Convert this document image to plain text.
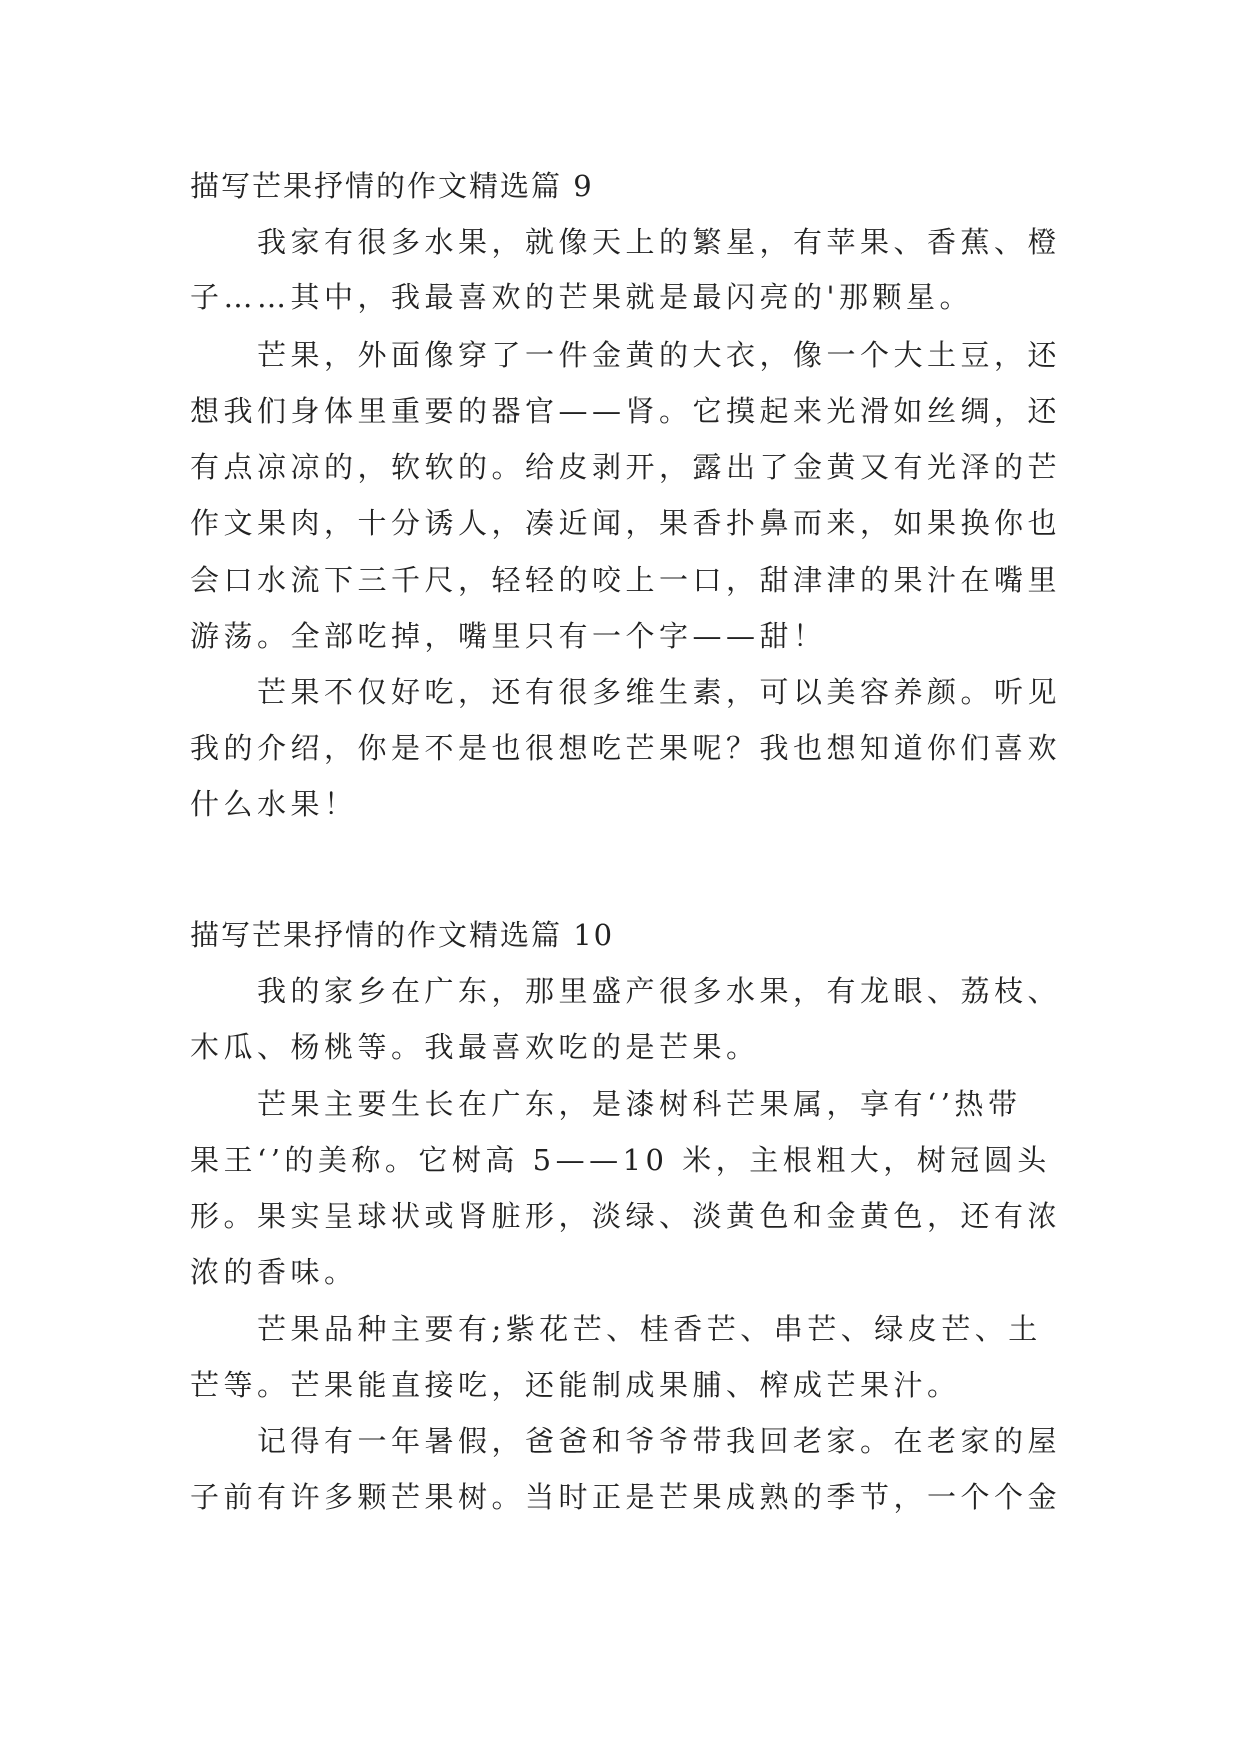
描写芒果抒情的作文精选篇 9
我家有很多水果，就像天上的繁星，有苹果、香蕉、橙
子……其中，我最喜欢的芒果就是最闪亮的'那颗星。
芒果，外面像穿了一件金黄的大衣，像一个大土豆，还
想我们身体里重要的器官——肾。它摸起来光滑如丝绸，还
有点凉凉的，软软的。给皮剥开，露出了金黄又有光泽的芒
作文果肉，十分诱人，凑近闻，果香扑鼻而来，如果换你也
会口水流下三千尺，轻轻的咬上一口，甜津津的果汁在嘴里
游荡。全部吃掉，嘴里只有一个字——甜！
芒果不仅好吃，还有很多维生素，可以美容养颜。听见
我的介绍，你是不是也很想吃芒果呢？我也想知道你们喜欢
什么水果！
描写芒果抒情的作文精选篇 10
我的家乡在广东，那里盛产很多水果，有龙眼、荔枝、
木瓜、杨桃等。我最喜欢吃的是芒果。
芒果主要生长在广东，是漆树科芒果属，享有‘’热带
果王‘’的美称。它树高 5——10 米，主根粗大，树冠圆头
形。果实呈球状或肾脏形，淡绿、淡黄色和金黄色，还有浓
浓的香味。
芒果品种主要有;紫花芒、桂香芒、串芒、绿皮芒、土
芒等。芒果能直接吃，还能制成果脯、榨成芒果汁。
记得有一年暑假，爸爸和爷爷带我回老家。在老家的屋
子前有许多颗芒果树。当时正是芒果成熟的季节，一个个金
